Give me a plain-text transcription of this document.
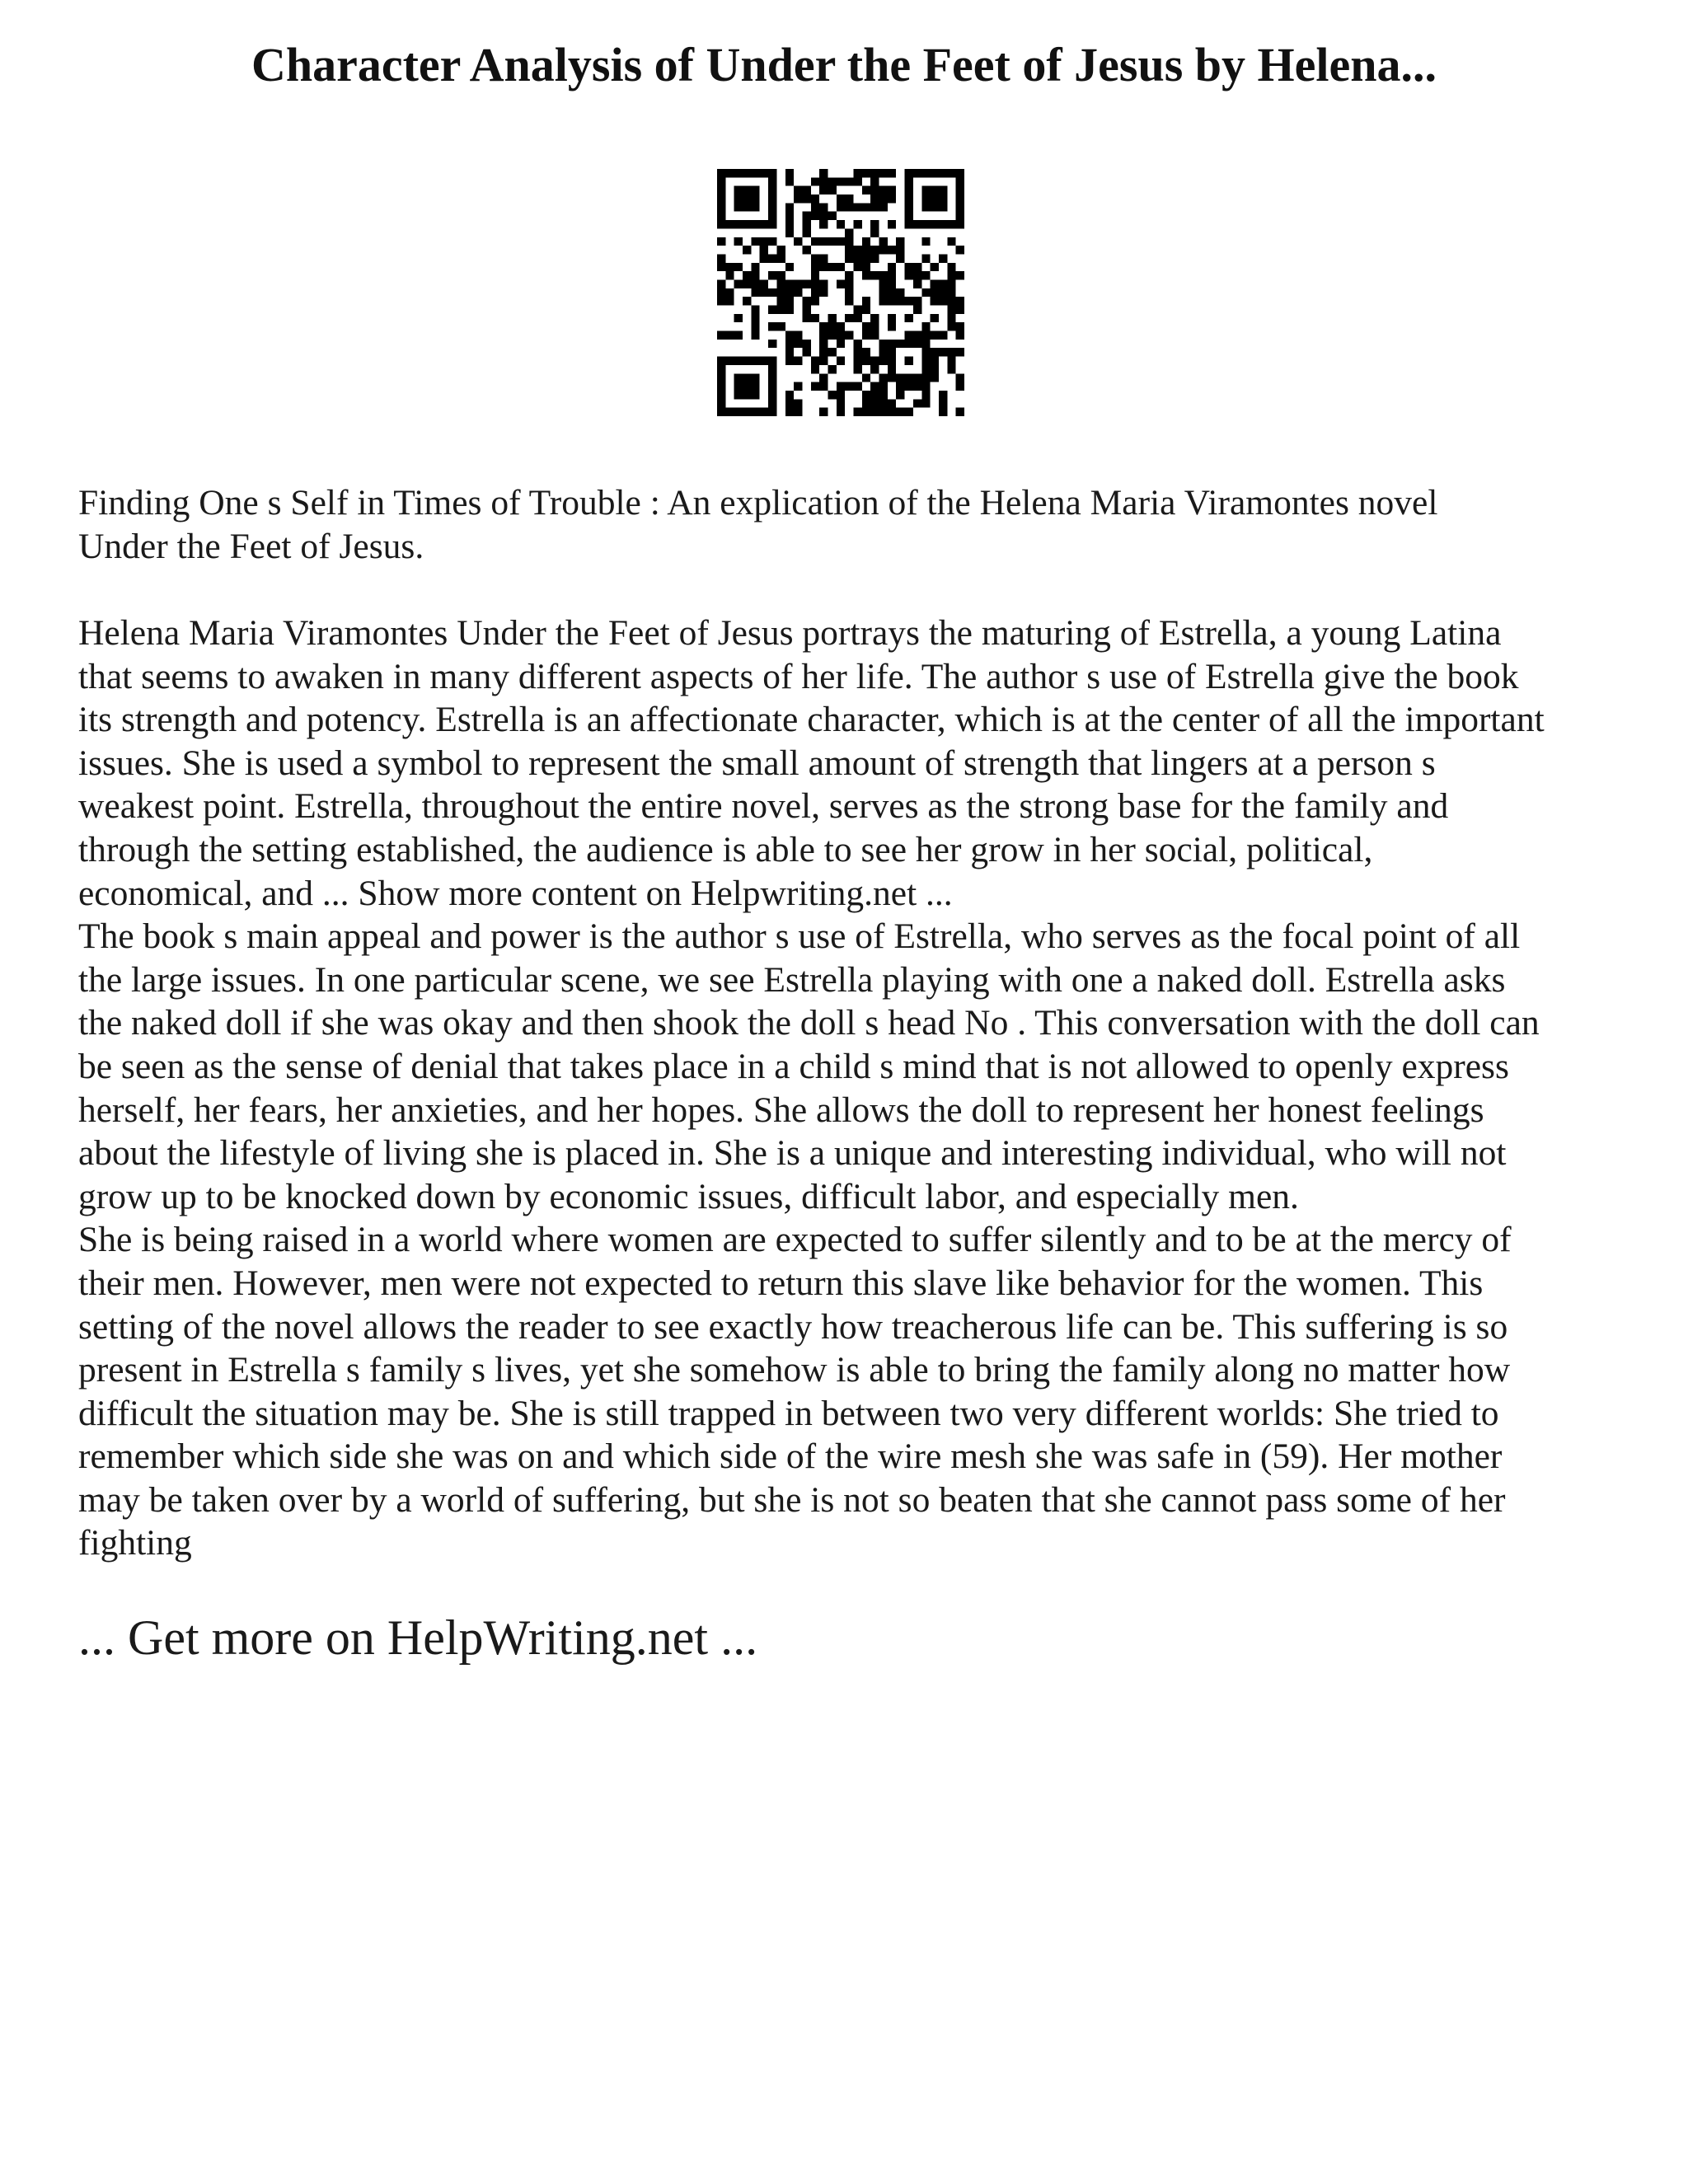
Character Analysis of Under the Feet of Jesus by Helena...

Finding One s Self in Times of Trouble : An explication of the Helena Maria Viramontes novel
Under the Feet of Jesus.

Helena Maria Viramontes Under the Feet of Jesus portrays the maturing of Estrella, a young Latina
that seems to awaken in many different aspects of her life. The author s use of Estrella give the book
its strength and potency. Estrella is an affectionate character, which is at the center of all the important
issues. She is used a symbol to represent the small amount of strength that lingers at a person s
weakest point. Estrella, throughout the entire novel, serves as the strong base for the family and
through the setting established, the audience is able to see her grow in her social, political,
economical, and ... Show more content on Helpwriting.net ...

The book s main appeal and power is the author s use of Estrella, who serves as the focal point of all
the large issues. In one particular scene, we see Estrella playing with one a naked doll. Estrella asks
the naked doll if she was okay and then shook the doll s head No . This conversation with the doll can
be seen as the sense of denial that takes place in a child s mind that is not allowed to openly express
herself, her fears, her anxieties, and her hopes. She allows the doll to represent her honest feelings
about the lifestyle of living she is placed in. She is a unique and interesting individual, who will not
grow up to be knocked down by economic issues, difficult labor, and especially men.

She is being raised in a world where women are expected to suffer silently and to be at the mercy of
their men. However, men were not expected to return this slave like behavior for the women. This
setting of the novel allows the reader to see exactly how treacherous life can be. This suffering is so
present in Estrella s family s lives, yet she somehow is able to bring the family along no matter how
difficult the situation may be. She is still trapped in between two very different worlds: She tried to
remember which side she was on and which side of the wire mesh she was safe in (59). Her mother
may be taken over by a world of suffering, but she is not so beaten that she cannot pass some of her
fighting

... Get more on HelpWriting.net ...
